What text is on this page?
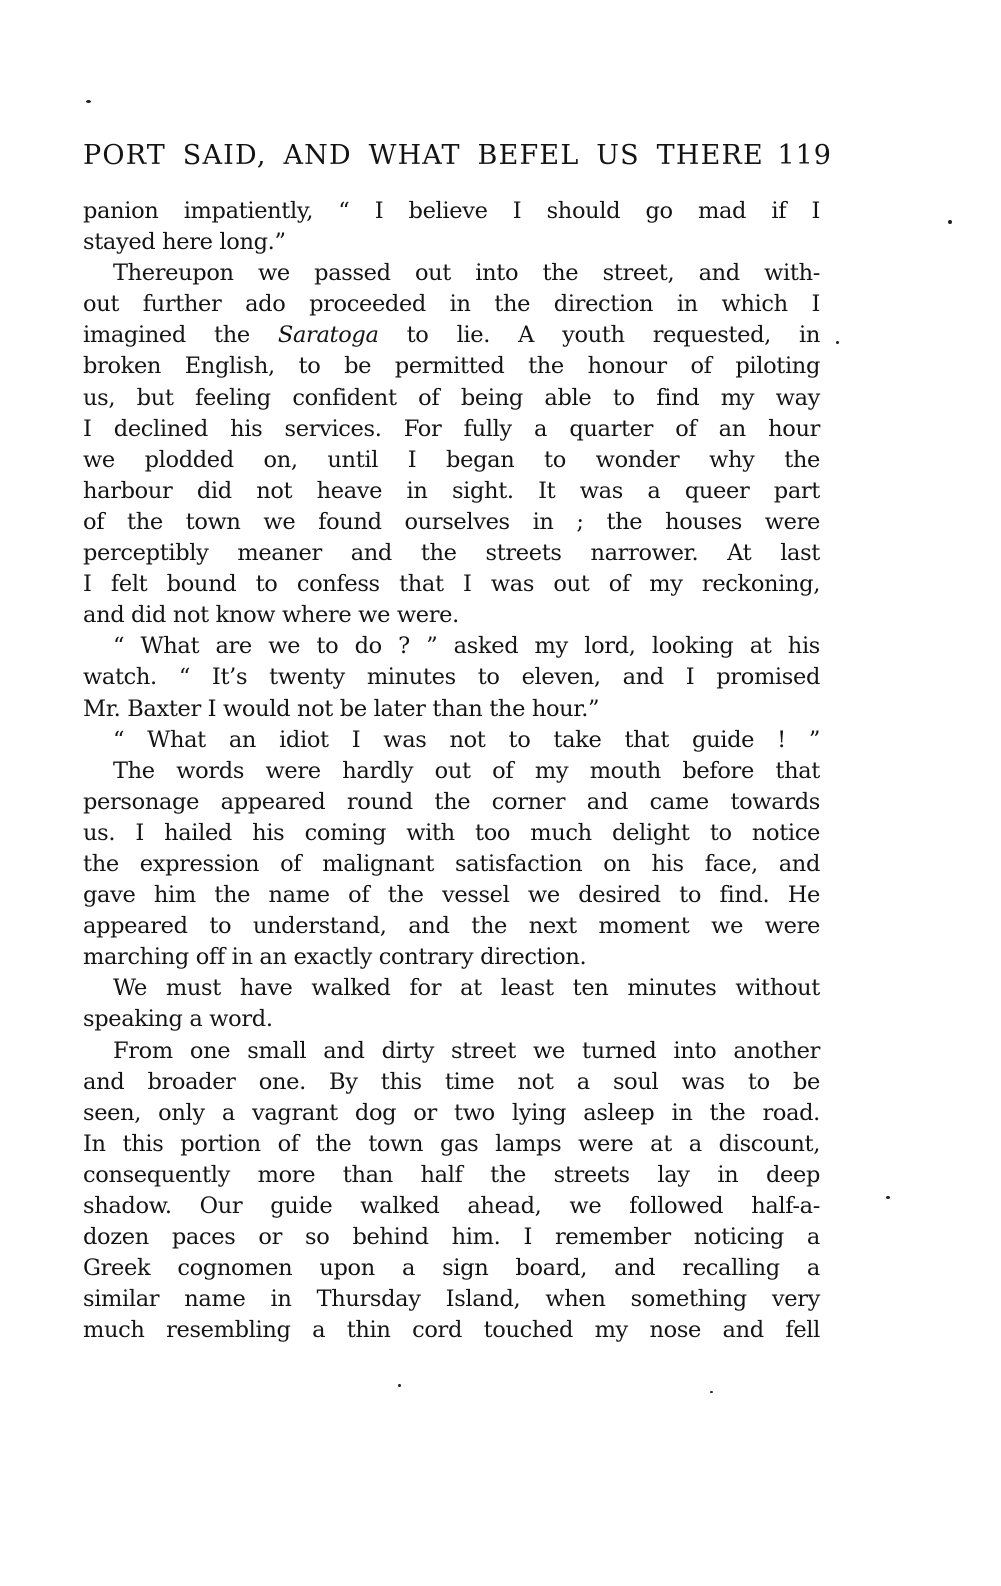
PORT SAID, AND WHAT BEFEL US THERE 119
panion impatiently, “ I believe I should go mad if I
stayed here long.”
Thereupon we passed out into the street, and with-
out further ado proceeded in the direction in which I
imagined the Saratoga to lie. A youth requested, in
broken English, to be permitted the honour of piloting
us, but feeling confident of being able to find my way
I declined his services. For fully a quarter of an hour
we plodded on, until I began to wonder why the
harbour did not heave in sight. It was a queer part
of the town we found ourselves in ; the houses were
perceptibly meaner and the streets narrower. At last
I felt bound to confess that I was out of my reckoning,
and did not know where we were.
“ What are we to do ? ” asked my lord, looking at his
watch. “ It’s twenty minutes to eleven, and I promised
Mr. Baxter I would not be later than the hour.”
“ What an idiot I was not to take that guide ! ”
The words were hardly out of my mouth before that
personage appeared round the corner and came towards
us. I hailed his coming with too much delight to notice
the expression of malignant satisfaction on his face, and
gave him the name of the vessel we desired to find. He
appeared to understand, and the next moment we were
marching off in an exactly contrary direction.
We must have walked for at least ten minutes without
speaking a word.
From one small and dirty street we turned into another
and broader one. By this time not a soul was to be
seen, only a vagrant dog or two lying asleep in the road.
In this portion of the town gas lamps were at a discount,
consequently more than half the streets lay in deep
shadow. Our guide walked ahead, we followed half-a-
dozen paces or so behind him. I remember noticing a
Greek cognomen upon a sign board, and recalling a
similar name in Thursday Island, when something very
much resembling a thin cord touched my nose and fell
